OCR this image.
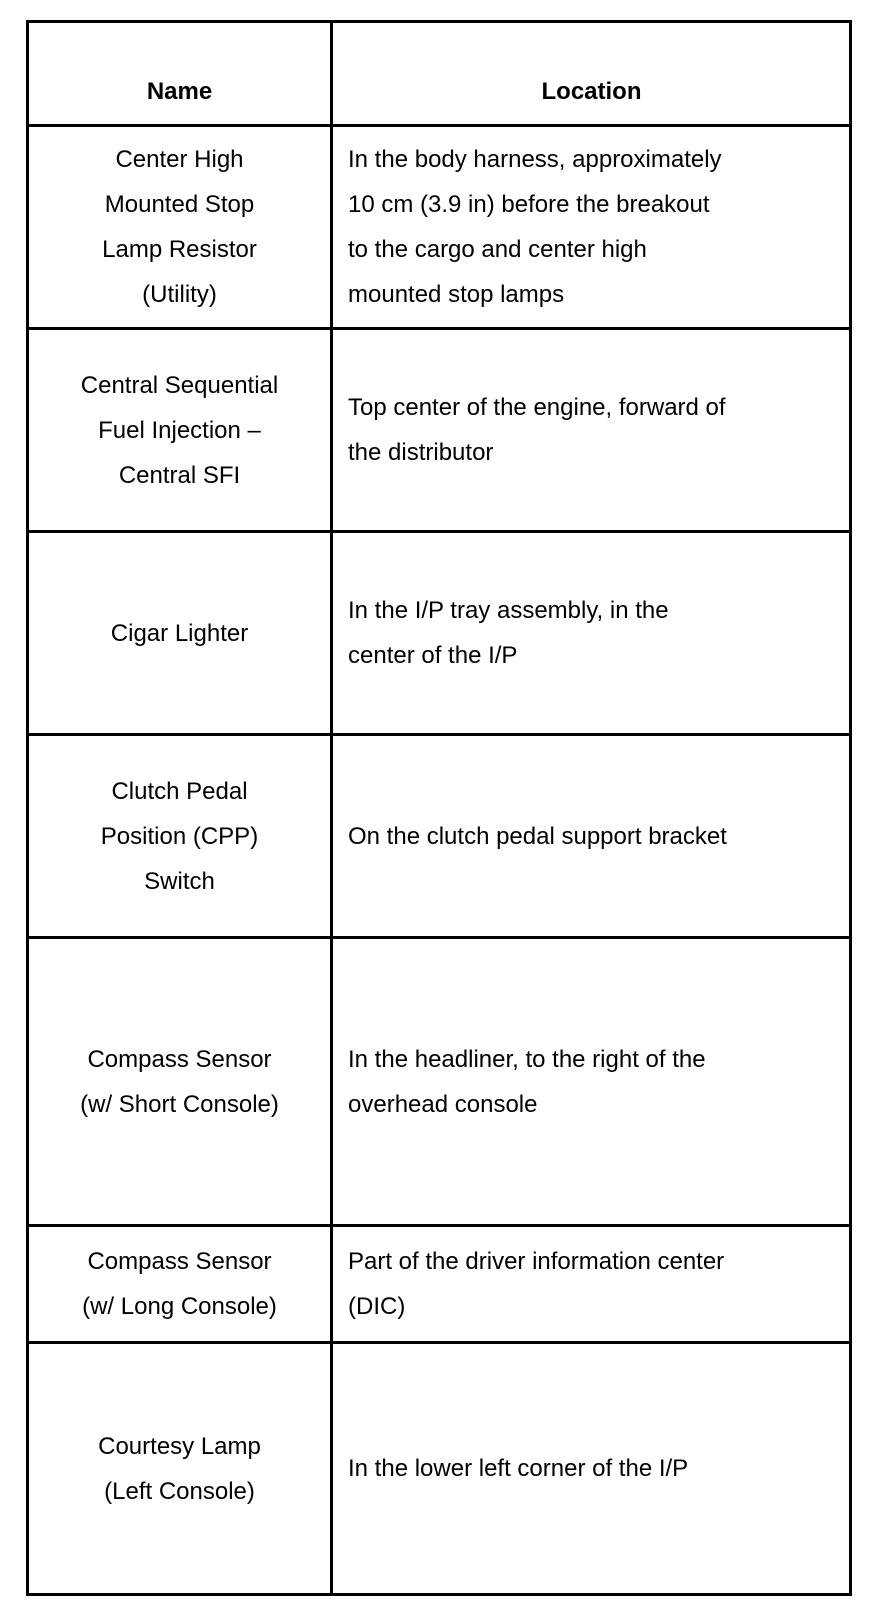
Name	Location
Center High
Mounted Stop
Lamp Resistor
(Utility)
In the body harness, approximately
10 cm (3.9 in) before the breakout
to the cargo and center high
mounted stop lamps
Central Sequential
Fuel Injection –
Central SFI
Top center of the engine, forward of
the distributor
Cigar Lighter
In the I/P tray assembly, in the
center of the I/P
Clutch Pedal
Position (CPP)
Switch
On the clutch pedal support bracket
Compass Sensor
(w/ Short Console)
In the headliner, to the right of the
overhead console
Compass Sensor
(w/ Long Console)
Part of the driver information center
(DIC)
Courtesy Lamp
(Left Console)
In the lower left corner of the I/P
